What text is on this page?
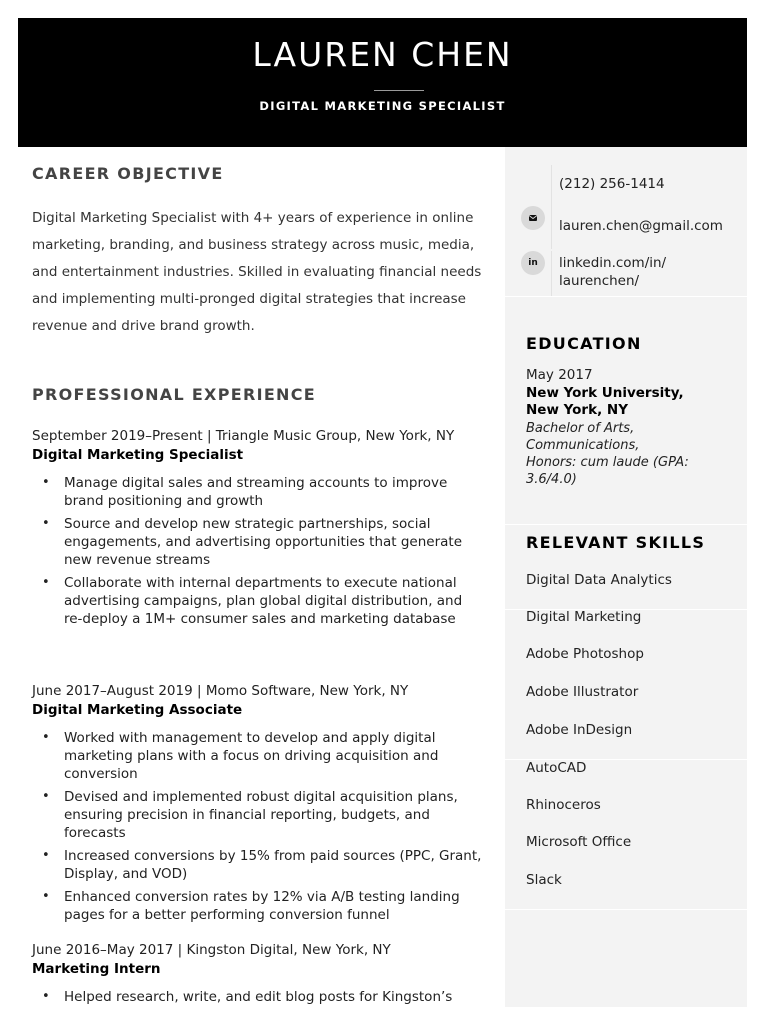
LAUREN CHEN
DIGITAL MARKETING SPECIALIST
CAREER OBJECTIVE
Digital Marketing Specialist with 4+ years of experience in online marketing, branding, and business strategy across music, media, and entertainment industries. Skilled in evaluating financial needs and implementing multi-pronged digital strategies that increase revenue and drive brand growth.
PROFESSIONAL EXPERIENCE
September 2019–Present | Triangle Music Group, New York, NY
Digital Marketing Specialist
• Manage digital sales and streaming accounts to improve brand positioning and growth
• Source and develop new strategic partnerships, social engagements, and advertising opportunities that generate new revenue streams
• Collaborate with internal departments to execute national advertising campaigns, plan global digital distribution, and re-deploy a 1M+ consumer sales and marketing database
June 2017–August 2019 | Momo Software, New York, NY
Digital Marketing Associate
• Worked with management to develop and apply digital marketing plans with a focus on driving acquisition and conversion
• Devised and implemented robust digital acquisition plans, ensuring precision in financial reporting, budgets, and forecasts
• Increased conversions by 15% from paid sources (PPC, Grant, Display, and VOD)
• Enhanced conversion rates by 12% via A/B testing landing pages for a better performing conversion funnel
June 2016–May 2017 | Kingston Digital, New York, NY
Marketing Intern
• Helped research, write, and edit blog posts for Kingston’s
(212) 256-1414
lauren.chen@gmail.com
in	linkedin.com/in/
laurenchen/
EDUCATION
May 2017
New York University,
New York, NY
Bachelor of Arts,
Communications,
Honors: cum laude (GPA:
3.6/4.0)
RELEVANT SKILLS
Digital Data Analytics
Digital Marketing
Adobe Photoshop
Adobe Illustrator
Adobe InDesign
AutoCAD
Rhinoceros
Microsoft Office
Slack
